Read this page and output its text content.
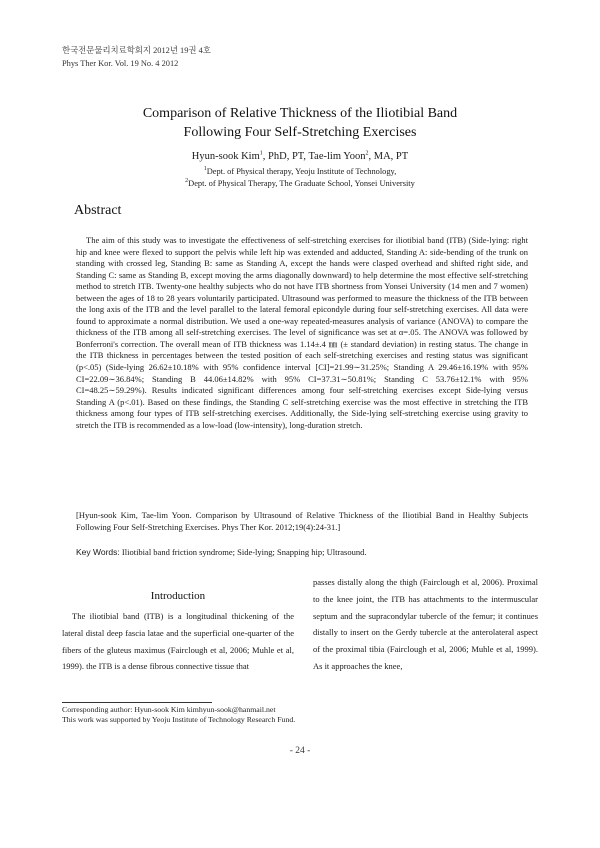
한국전문물리치료학회지 2012년 19권 4호
Phys Ther Kor. Vol. 19 No. 4 2012
Comparison of Relative Thickness of the Iliotibial Band
Following Four Self-Stretching Exercises
Hyun-sook Kim$^1$, PhD, PT, Tae-lim Yoon$^2$, MA, PT
$^1$Dept. of Physical therapy, Yeoju Institute of Technology,
$^2$Dept. of Physical Therapy, The Graduate School, Yonsei University
Abstract

The aim of this study was to investigate the effectiveness of self-stretching exercises for iliotibial band (ITB) (Side-lying: right hip and knee were flexed to support the pelvis while left hip was extended and adducted, Standing A: side-bending of the trunk on standing with crossed leg, Standing B: same as Standing A, except the hands were clasped overhead and shifted right side, and Standing C: same as Standing B, except moving the arms diagonally downward) to help determine the most effective self-stretching method to stretch ITB. Twenty-one healthy subjects who do not have ITB shortness from Yonsei University (14 men and 7 women) between the ages of 18 to 28 years voluntarily participated. Ultrasound was performed to measure the thickness of the ITB between the long axis of the ITB and the level parallel to the lateral femoral epicondyle during four self-stretching exercises. All data were found to approximate a normal distribution. We used a one-way repeated-measures analysis of variance (ANOVA) to compare the thickness of the ITB among all self-stretching exercises. The level of significance was set at α=.05. The ANOVA was followed by Bonferroni's correction. The overall mean of ITB thickness was 1.14±.4 ㎜ (± standard deviation) in resting status. The change in the ITB thickness in percentages between the tested position of each self-stretching exercises and resting status was significant (p<.05) (Side-lying 26.62±10.18% with 95% confidence interval [CI]=21.99∼31.25%; Standing A 29.46±16.19% with 95% CI=22.09∼36.84%; Standing B 44.06±14.82% with 95% CI=37.31∼50.81%; Standing C 53.76±12.1% with 95% CI=48.25∼59.29%). Results indicated significant differences among four self-stretching exercises except Side-lying versus Standing A (p<.01). Based on these findings, the Standing C self-stretching exercise was the most effective in stretching the ITB thickness among four types of ITB self-stretching exercises. Additionally, the Side-lying self-stretching exercise using gravity to stretch the ITB is recommended as a low-load (low-intensity), long-duration stretch.

[Hyun-sook Kim, Tae-lim Yoon. Comparison by Ultrasound of Relative Thickness of the Iliotibial Band in Healthy Subjects Following Four Self-Stretching Exercises. Phys Ther Kor. 2012;19(4):24-31.]

Key Words: Iliotibial band friction syndrome; Side-lying; Snapping hip; Ultrasound.

Introduction

The iliotibial band (ITB) is a longitudinal thickening of the lateral distal deep fascia latae and the superficial one-quarter of the fibers of the gluteus maximus (Fairclough et al, 2006; Muhle et al, 1999). the ITB is a dense fibrous connective tissue that

passes distally along the thigh (Fairclough et al, 2006). Proximal to the knee joint, the ITB has attachments to the intermuscular septum and the supracondylar tubercle of the femur; it continues distally to insert on the Gerdy tubercle at the anterolateral aspect of the proximal tibia (Fairclough et al, 2006; Muhle et al, 1999). As it approaches the knee,

Corresponding author: Hyun-sook Kim kimhyun-sook@hanmail.net
This work was supported by Yeoju Institute of Technology Research Fund.
- 24 -
